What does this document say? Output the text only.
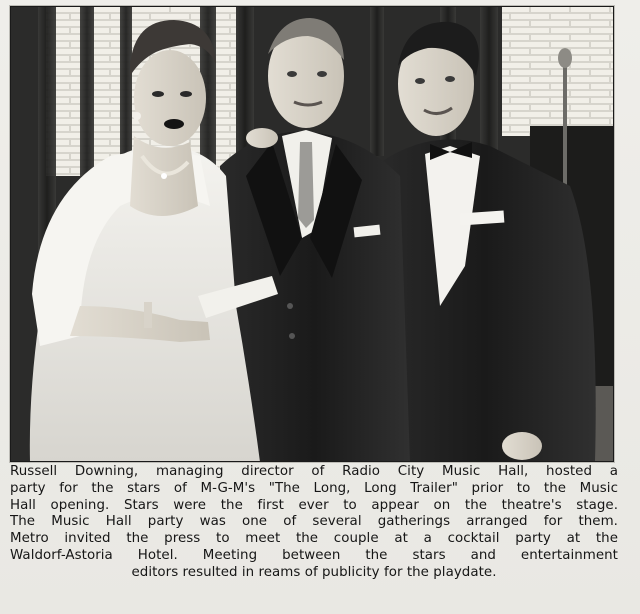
Russell Downing, managing director of Radio City Music Hall, hosted a
party for the stars of M-G-M's "The Long, Long Trailer" prior to the Music
Hall opening. Stars were the first ever to appear on the theatre's stage.
The Music Hall party was one of several gatherings arranged for them.
Metro invited the press to meet the couple at a cocktail party at the
Waldorf-Astoria Hotel. Meeting between the stars and entertainment
editors resulted in reams of publicity for the playdate.
